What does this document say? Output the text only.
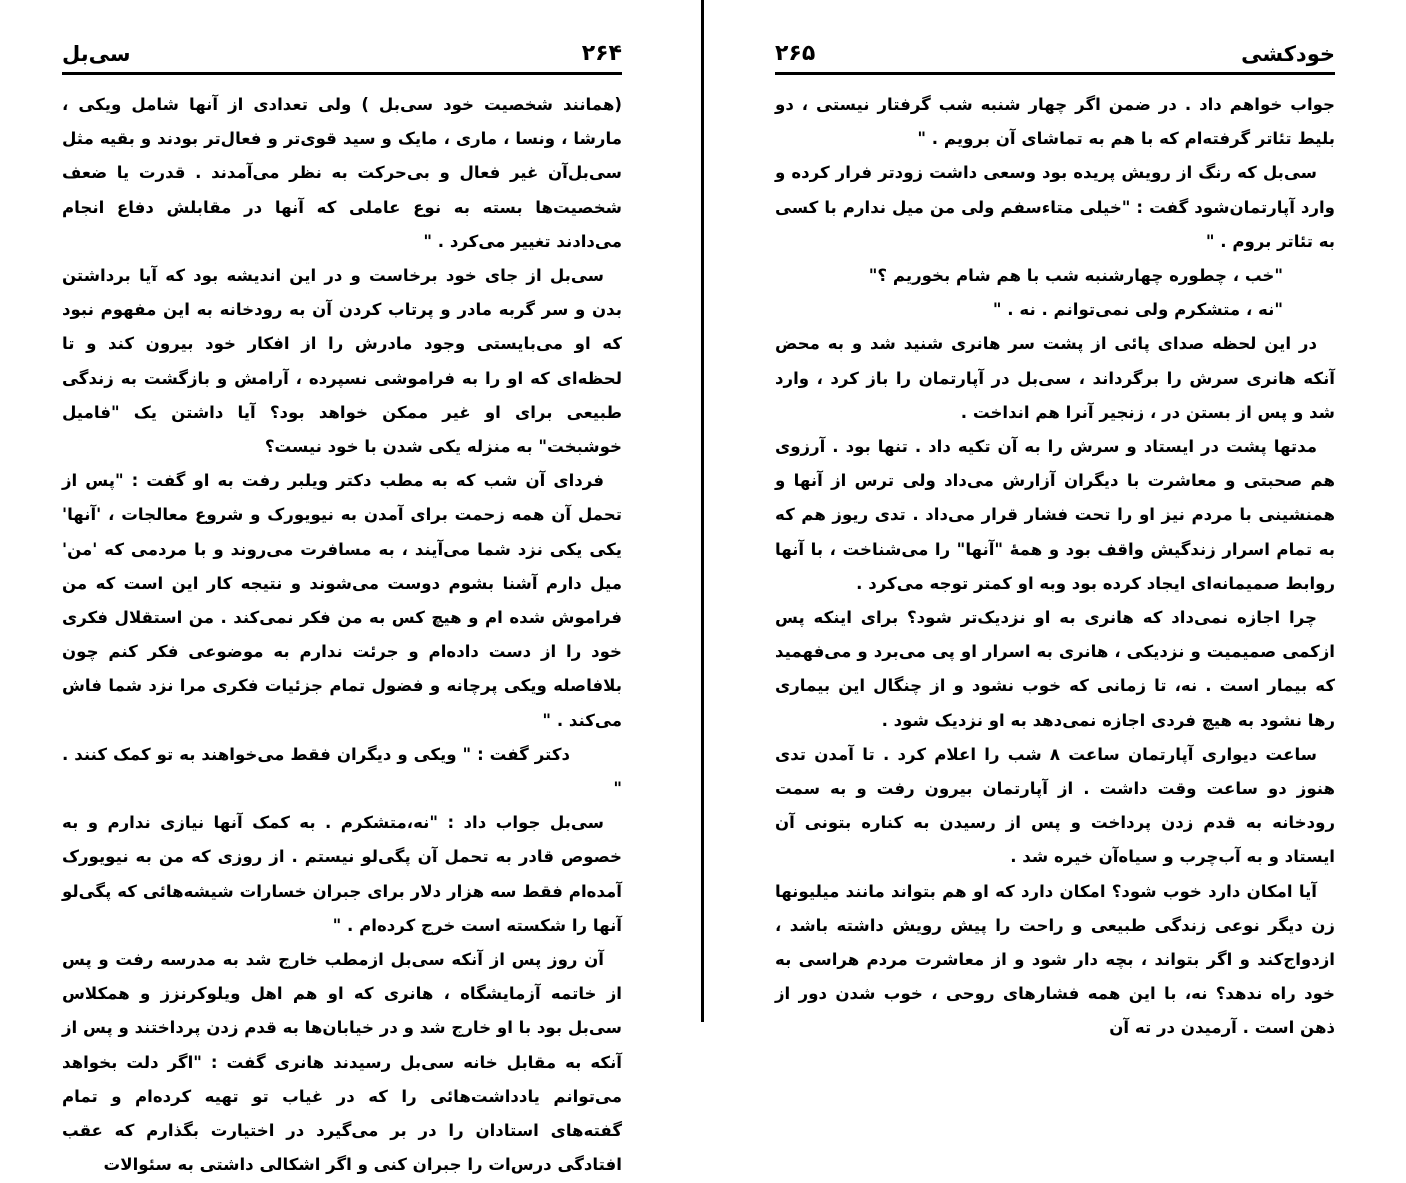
سی‌بل	۲۶۴

(همانند شخصیت خود سی‌بل ) ولی تعدادی از آنها شامل ویکی ، مارشا ، ونسا ، ماری ، مایک و سید قوی‌تر و فعال‌تر بودند و بقیه مثل سی‌بل‌آن غیر فعال و بی‌حرکت به نظر می‌آمدند . قدرت یا ضعف شخصیت‌ها بسته به نوع عاملی که آنها در مقابلش دفاع انجام می‌دادند تغییر می‌کرد . "

سی‌بل از جای خود برخاست و در این اندیشه بود که آیا برداشتن بدن و سر گربه مادر و پرتاب کردن آن به رودخانه به این مفهوم نبود که او می‌بایستی وجود مادرش را از افکار خود بیرون کند و تا لحظه‌ای که او را به فراموشی نسپرده ، آرامش و بازگشت به زندگی طبیعی برای او غیر ممکن خواهد بود؟ آیا داشتن یک "فامیل خوشبخت" به منزله یکی شدن با خود نیست؟

فردای آن شب که به مطب دکتر ویلبر رفت به او گفت : "پس از تحمل آن همه زحمت برای آمدن به نیویورک و شروع معالجات ، 'آنها' یکی یکی نزد شما می‌آیند ، به مسافرت می‌روند و با مردمی که 'من' میل دارم آشنا بشوم دوست می‌شوند و نتیجه کار این است که من فراموش شده ام و هیچ کس به من فکر نمی‌کند . من استقلال فکری خود را از دست داده‌ام و جرئت ندارم به موضوعی فکر کنم چون بلافاصله ویکی پرچانه و فضول تمام جزئیات فکری مرا نزد شما فاش می‌کند . "

دکتر گفت : " ویکی و دیگران فقط می‌خواهند به تو کمک کنند . "

سی‌بل جواب داد : "نه،متشکرم . به کمک آنها نیازی ندارم و به خصوص قادر به تحمل آن پگی‌لو نیستم . از روزی که من به نیویورک آمده‌ام فقط سه هزار دلار برای جبران خسارات شیشه‌هائی که پگی‌لو آنها را شکسته است خرج کرده‌ام . "

آن روز پس از آنکه سی‌بل ازمطب خارج شد به مدرسه رفت و پس از خاتمه آزمایشگاه ، هانری که او هم اهل ویلوکرنزز و همکلاس سی‌بل بود با او خارج شد و در خیابان‌ها به قدم زدن پرداختند و پس از آنکه به مقابل خانه سی‌بل رسیدند هانری گفت : "اگر دلت بخواهد می‌توانم یادداشت‌هائی را که در غیاب تو تهیه کرده‌ام و تمام گفته‌های استادان را در بر می‌گیرد در اختیارت بگذارم که عقب افتادگی درس‌ات را جبران کنی و اگر اشکالی داشتی به سئوالات

۲۶۵	خودکشی

جواب خواهم داد . در ضمن اگر چهار شنبه شب گرفتار نیستی ، دو بلیط تئاتر گرفته‌ام که با هم به تماشای آن برویم . "

سی‌بل که رنگ از رویش پریده بود وسعی داشت زودتر فرار کرده و وارد آپارتمان‌شود گفت : "خیلی متاء‌سفم ولی من میل ندارم با کسی به تئاتر بروم . "

"خب ، چطوره چهارشنبه شب با هم شام بخوریم ؟"

"نه ، متشکرم ولی نمی‌توانم . نه . "

در این لحظه صدای پائی از پشت سر هانری شنید شد و به محض آنکه هانری سرش را برگرداند ، سی‌بل در آپارتمان را باز کرد ، وارد شد و پس از بستن در ، زنجیر آنرا هم انداخت .

مدتها پشت در ایستاد و سرش را به آن تکیه داد . تنها بود . آرزوی هم صحبتی و معاشرت با دیگران آزارش می‌داد ولی ترس از آنها و همنشینی با مردم نیز او را تحت فشار قرار می‌داد . تدی ریوز هم که به تمام اسرار زندگیش واقف بود و همهٔ "آنها" را می‌شناخت ، با آنها روابط صمیمانه‌ای ایجاد کرده بود وبه او کمتر توجه می‌کرد .

چرا اجازه نمی‌داد که هانری به او نزدیک‌تر شود؟ برای اینکه پس ازکمی صمیمیت و نزدیکی ، هانری به اسرار او پی می‌برد و می‌فهمید که بیمار است . نه، تا زمانی که خوب نشود و از چنگال این بیماری رها نشود به هیچ فردی اجازه نمی‌دهد به او نزدیک شود .

ساعت دیواری آپارتمان ساعت ۸ شب را اعلام کرد . تا آمدن تدی هنوز دو ساعت وقت داشت . از آپارتمان بیرون رفت و به سمت رودخانه به قدم زدن پرداخت و پس از رسیدن به کناره بتونی آن ایستاد و به آب‌چرب و سیاه‌آن خیره شد .

آیا امکان دارد خوب شود؟ امکان دارد که او هم بتواند مانند میلیونها زن دیگر نوعی زندگی طبیعی و راحت را پیش رویش داشته باشد ، ازدواج‌کند و اگر بتواند ، بچه دار شود و از معاشرت مردم هراسی به خود راه ندهد؟ نه، با این همه فشارهای روحی ، خوب شدن دور از ذهن است . آرمیدن در ته آن
